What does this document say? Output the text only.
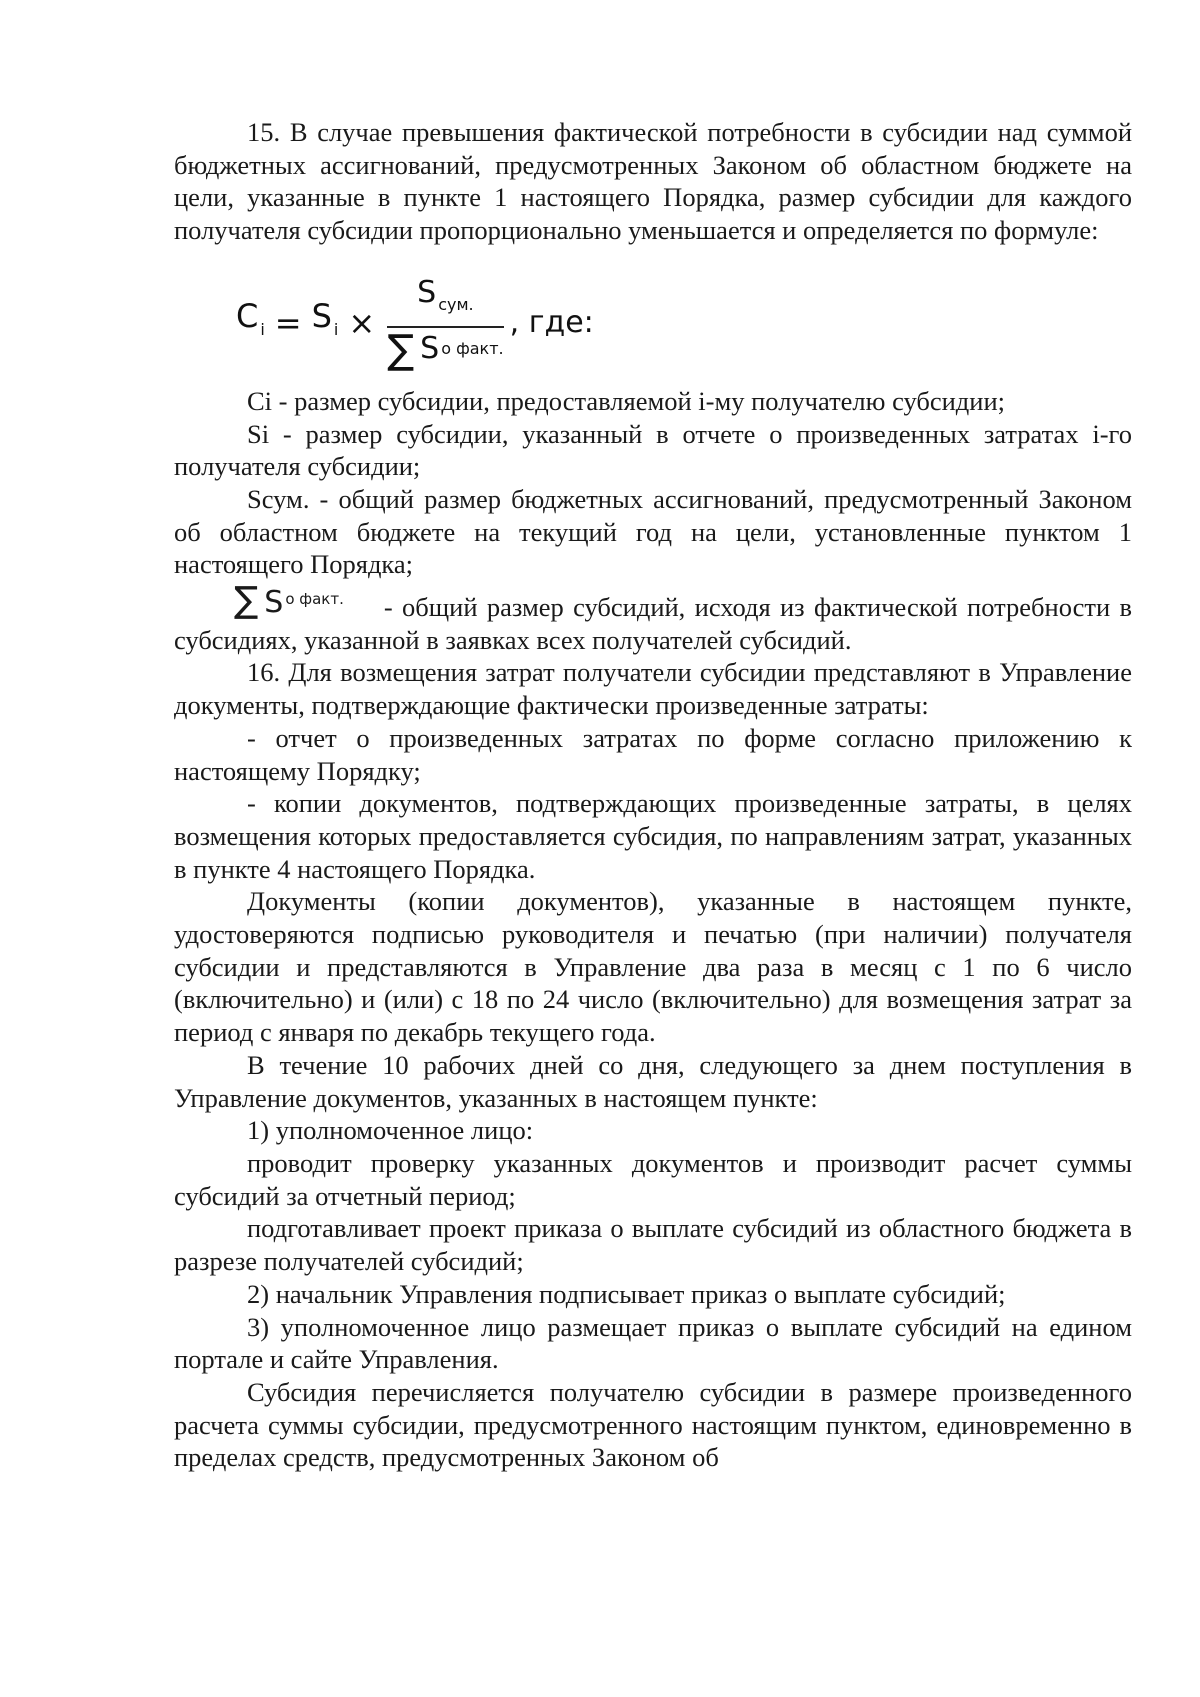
15. В случае превышения фактической потребности в субсидии над суммой бюджетных ассигнований, предусмотренных Законом об областном бюджете на цели, указанные в пункте 1 настоящего Порядка, размер субсидии для каждого получателя субсидии пропорционально уменьшается и определяется по формуле:

C $_i$ = S $_i \times \frac{S _{сум.}}{\text{∑ S о факт.}}$ , где:

Ci - размер субсидии, предоставляемой i-му получателю субсидии;

Si - размер субсидии, указанный в отчете о произведенных затратах i-го получателя субсидии;

Sсум. - общий размер бюджетных ассигнований, предусмотренный Законом об областном бюджете на текущий год на цели, установленные пунктом 1 настоящего Порядка;

∑ S $^{о факт.}$ - общий размер субсидий, исходя из фактической потребности в субсидиях, указанной в заявках всех получателей субсидий.

16. Для возмещения затрат получатели субсидии представляют в Управление документы, подтверждающие фактически произведенные затраты:

- отчет о произведенных затратах по форме согласно приложению к настоящему Порядку;

- копии документов, подтверждающих произведенные затраты, в целях возмещения которых предоставляется субсидия, по направлениям затрат, указанных в пункте 4 настоящего Порядка.

Документы (копии документов), указанные в настоящем пункте, удостоверяются подписью руководителя и печатью (при наличии) получателя субсидии и представляются в Управление два раза в месяц с 1 по 6 число (включительно) и (или) с 18 по 24 число (включительно) для возмещения затрат за период с января по декабрь текущего года.

В течение 10 рабочих дней со дня, следующего за днем поступления в Управление документов, указанных в настоящем пункте:

1) уполномоченное лицо:

проводит проверку указанных документов и производит расчет суммы субсидий за отчетный период;

подготавливает проект приказа о выплате субсидий из областного бюджета в разрезе получателей субсидий;

2) начальник Управления подписывает приказ о выплате субсидий;

3) уполномоченное лицо размещает приказ о выплате субсидий на едином портале и сайте Управления.

Субсидия перечисляется получателю субсидии в размере произведенного расчета суммы субсидии, предусмотренного настоящим пунктом, единовременно в пределах средств, предусмотренных Законом об
